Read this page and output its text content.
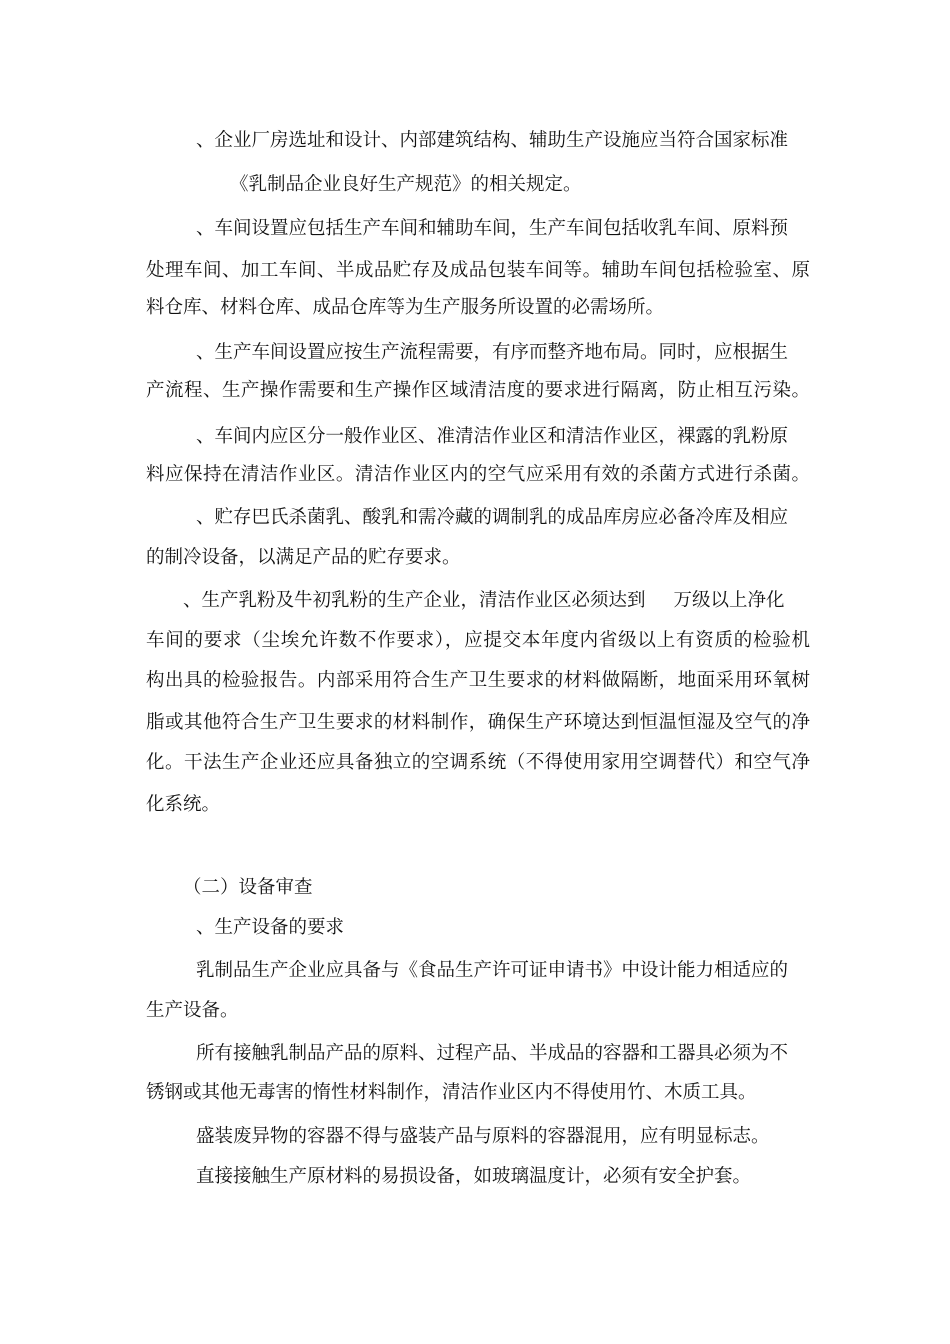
、企业厂房选址和设计、内部建筑结构、辅助生产设施应当符合国家标准
《乳制品企业良好生产规范》的相关规定。
、车间设置应包括生产车间和辅助车间，生产车间包括收乳车间、原料预
处理车间、加工车间、半成品贮存及成品包装车间等。辅助车间包括检验室、原
料仓库、材料仓库、成品仓库等为生产服务所设置的必需场所。
、生产车间设置应按生产流程需要，有序而整齐地布局。同时，应根据生
产流程、生产操作需要和生产操作区域清洁度的要求进行隔离，防止相互污染。
、车间内应区分一般作业区、准清洁作业区和清洁作业区，裸露的乳粉原
料应保持在清洁作业区。清洁作业区内的空气应采用有效的杀菌方式进行杀菌。
、贮存巴氏杀菌乳、酸乳和需冷藏的调制乳的成品库房应必备冷库及相应
的制冷设备，以满足产品的贮存要求。
、生产乳粉及牛初乳粉的生产企业，清洁作业区必须达到 万级以上净化
车间的要求（尘埃允许数不作要求），应提交本年度内省级以上有资质的检验机
构出具的检验报告。内部采用符合生产卫生要求的材料做隔断，地面采用环氧树
脂或其他符合生产卫生要求的材料制作，确保生产环境达到恒温恒湿及空气的净
化。干法生产企业还应具备独立的空调系统（不得使用家用空调替代）和空气净
化系统。
（二）设备审查
、生产设备的要求
乳制品生产企业应具备与《食品生产许可证申请书》中设计能力相适应的
生产设备。
所有接触乳制品产品的原料、过程产品、半成品的容器和工器具必须为不
锈钢或其他无毒害的惰性材料制作，清洁作业区内不得使用竹、木质工具。
盛装废异物的容器不得与盛装产品与原料的容器混用，应有明显标志。
直接接触生产原材料的易损设备，如玻璃温度计，必须有安全护套。
